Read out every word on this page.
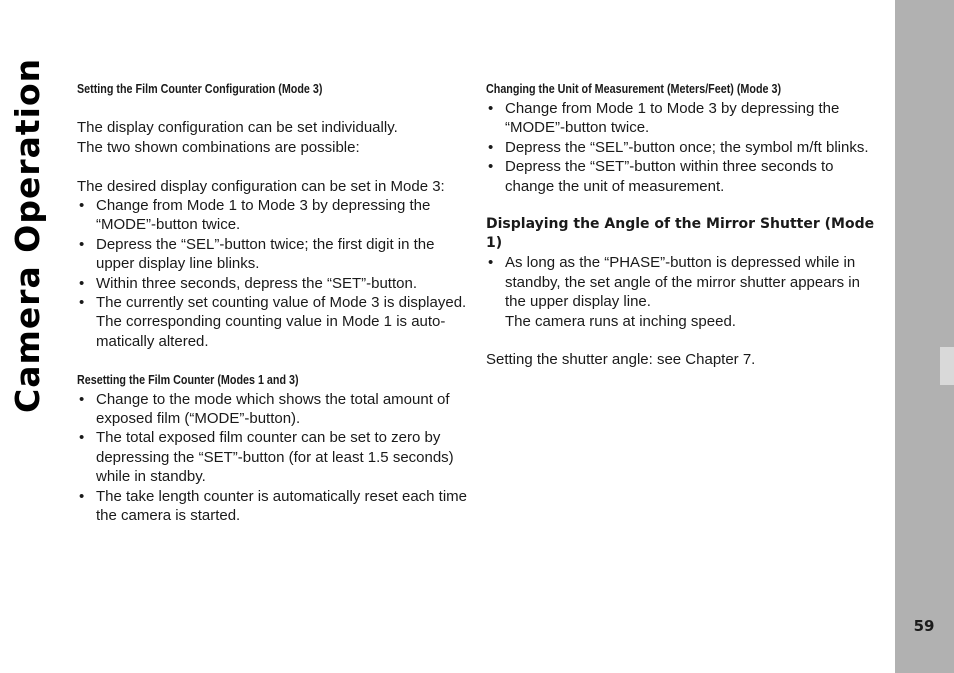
Setting the Film Counter Configuration (Mode 3)

The display configuration can be set individually.

The two shown combinations are possible:

The desired display configuration can be set in Mode 3:

• Change from Mode 1 to Mode 3 by depressing the “MODE”-button twice.
• Depress the “SEL”-button twice; the first digit in the upper display line blinks.
• Within three seconds, depress the “SET”-button.
• The currently set counting value of Mode 3 is displayed. The corresponding counting value in Mode 1 is auto-matically altered.

Resetting the Film Counter (Modes 1 and 3)

• Change to the mode which shows the total amount of exposed film (“MODE”-button).
• The total exposed film counter can be set to zero by depressing the “SET”-button (for at least 1.5 seconds) while in standby.
• The take length counter is automatically reset each time the camera is started.

Changing the Unit of Measurement (Meters/Feet) (Mode 3)

• Change from Mode 1 to Mode 3 by depressing the “MODE”-button twice.
• Depress the “SEL”-button once; the symbol m/ft blinks.
• Depress the “SET”-button within three seconds to change the unit of measurement.

Displaying the Angle of the Mirror Shutter (Mode 1)

• As long as the “PHASE”-button is depressed while in standby, the set angle of the mirror shutter appears in the upper display line.

The camera runs at inching speed.

Setting the shutter angle: see Chapter 7.

Camera Operation
59
